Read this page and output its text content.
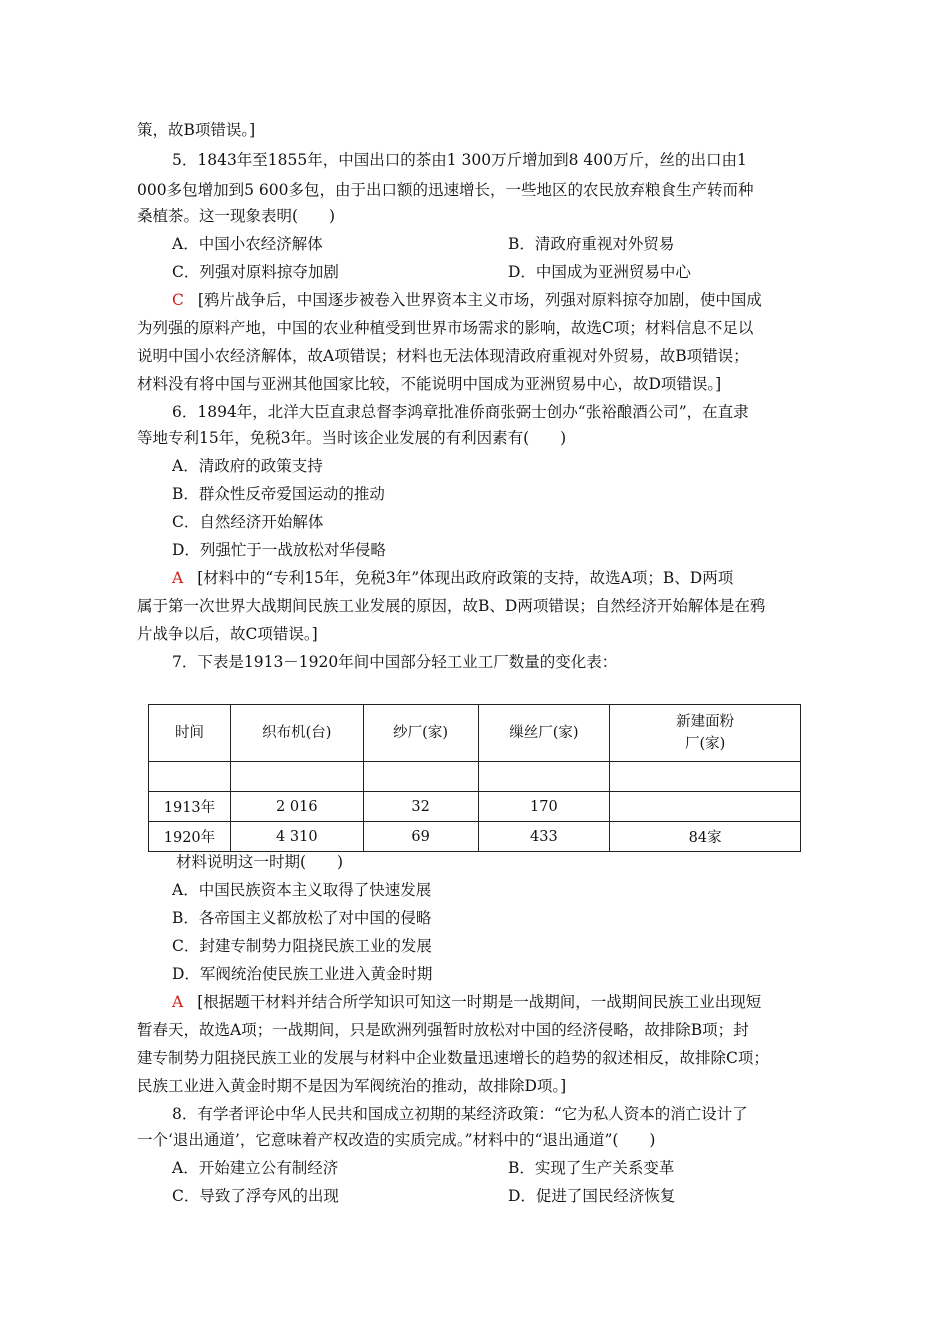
策，故B项错误。]
5．1843年至1855年，中国出口的茶由1 300万斤增加到8 400万斤，丝的出口由1
000多包增加到5 600多包，由于出口额的迅速增长，一些地区的农民放弃粮食生产转而种
桑植茶。这一现象表明(　　)
A．中国小农经济解体	B．清政府重视对外贸易
C．列强对原料掠夺加剧	D．中国成为亚洲贸易中心
C [鸦片战争后，中国逐步被卷入世界资本主义市场，列强对原料掠夺加剧，使中国成
为列强的原料产地，中国的农业种植受到世界市场需求的影响，故选C项；材料信息不足以
说明中国小农经济解体，故A项错误；材料也无法体现清政府重视对外贸易，故B项错误；
材料没有将中国与亚洲其他国家比较，不能说明中国成为亚洲贸易中心，故D项错误。]
6．1894年，北洋大臣直隶总督李鸿章批准侨商张弼士创办“张裕酿酒公司”，在直隶
等地专利15年，免税3年。当时该企业发展的有利因素有(　　)
A．清政府的政策支持
B．群众性反帝爱国运动的推动
C．自然经济开始解体
D．列强忙于一战放松对华侵略
A [材料中的“专利15年，免税3年”体现出政府政策的支持，故选A项；B、D两项
属于第一次世界大战期间民族工业发展的原因，故B、D两项错误；自然经济开始解体是在鸦
片战争以后，故C项错误。]
7．下表是1913－1920年间中国部分轻工业工厂数量的变化表：
时间	织布机(台)	纱厂(家)	缫丝厂(家)	新建面粉
厂(家)

1913年	2 016	32	170	
1920年	4 310	69	433	84家
材料说明这一时期(　　)
A．中国民族资本主义取得了快速发展
B．各帝国主义都放松了对中国的侵略
C．封建专制势力阻挠民族工业的发展
D．军阀统治使民族工业进入黄金时期
A [根据题干材料并结合所学知识可知这一时期是一战期间，一战期间民族工业出现短
暂春天，故选A项；一战期间，只是欧洲列强暂时放松对中国的经济侵略，故排除B项；封
建专制势力阻挠民族工业的发展与材料中企业数量迅速增长的趋势的叙述相反，故排除C项；
民族工业进入黄金时期不是因为军阀统治的推动，故排除D项。]
8．有学者评论中华人民共和国成立初期的某经济政策：“它为私人资本的消亡设计了
一个‘退出通道’，它意味着产权改造的实质完成。”材料中的“退出通道”(　　)
A．开始建立公有制经济	B．实现了生产关系变革
C．导致了浮夸风的出现	D．促进了国民经济恢复
